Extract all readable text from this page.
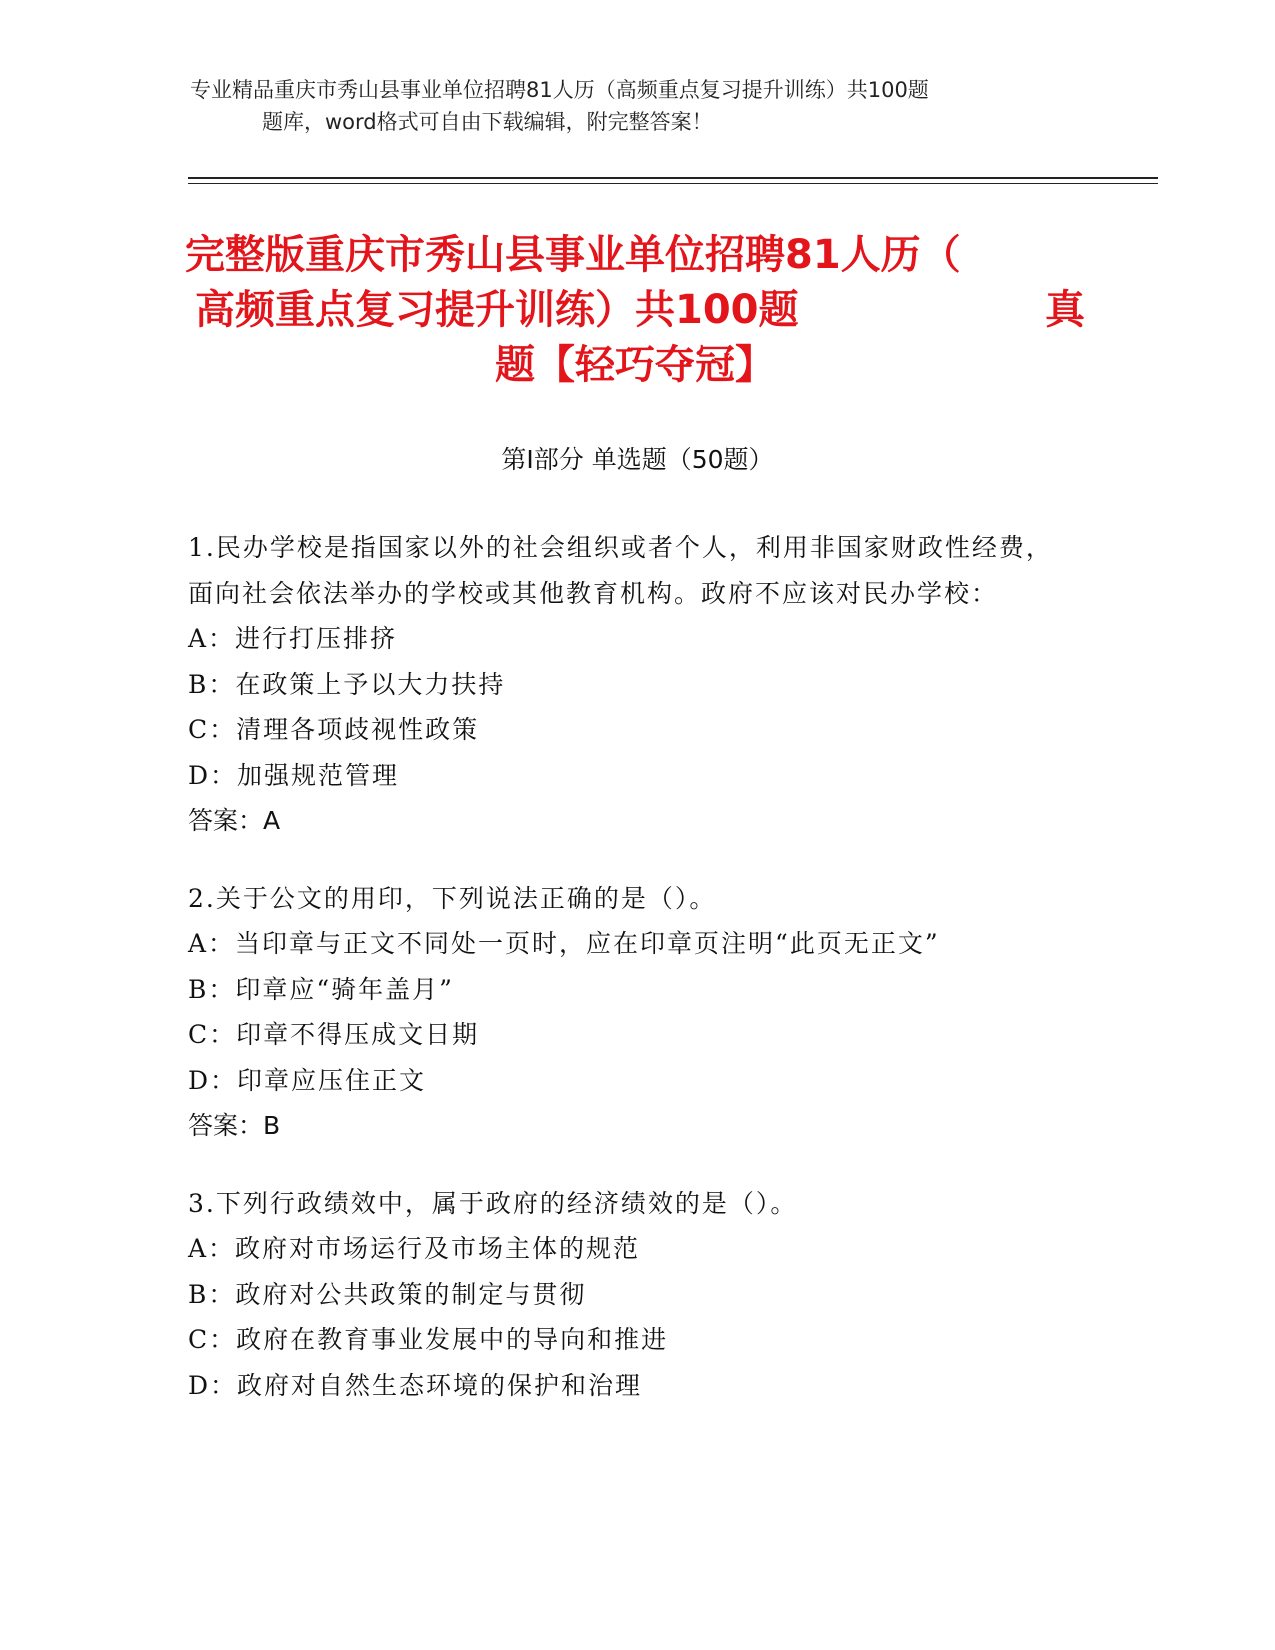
专业精品重庆市秀山县事业单位招聘81人历（高频重点复习提升训练）共100题
题库，word格式可自由下载编辑，附完整答案！
完整版重庆市秀山县事业单位招聘81人历（
高频重点复习提升训练）共100题	真
题【轻巧夺冠】
第Ⅰ部分 单选题（50题）
1.民办学校是指国家以外的社会组织或者个人，利用非国家财政性经费，面向社会依法举办的学校或其他教育机构。政府不应该对民办学校：
A：进行打压排挤
B：在政策上予以大力扶持
C：清理各项歧视性政策
D：加强规范管理
答案：A
2.关于公文的用印，下列说法正确的是（）。
A：当印章与正文不同处一页时，应在印章页注明“此页无正文”
B：印章应“骑年盖月”
C：印章不得压成文日期
D：印章应压住正文
答案：B
3.下列行政绩效中，属于政府的经济绩效的是（）。
A：政府对市场运行及市场主体的规范
B：政府对公共政策的制定与贯彻
C：政府在教育事业发展中的导向和推进
D：政府对自然生态环境的保护和治理
